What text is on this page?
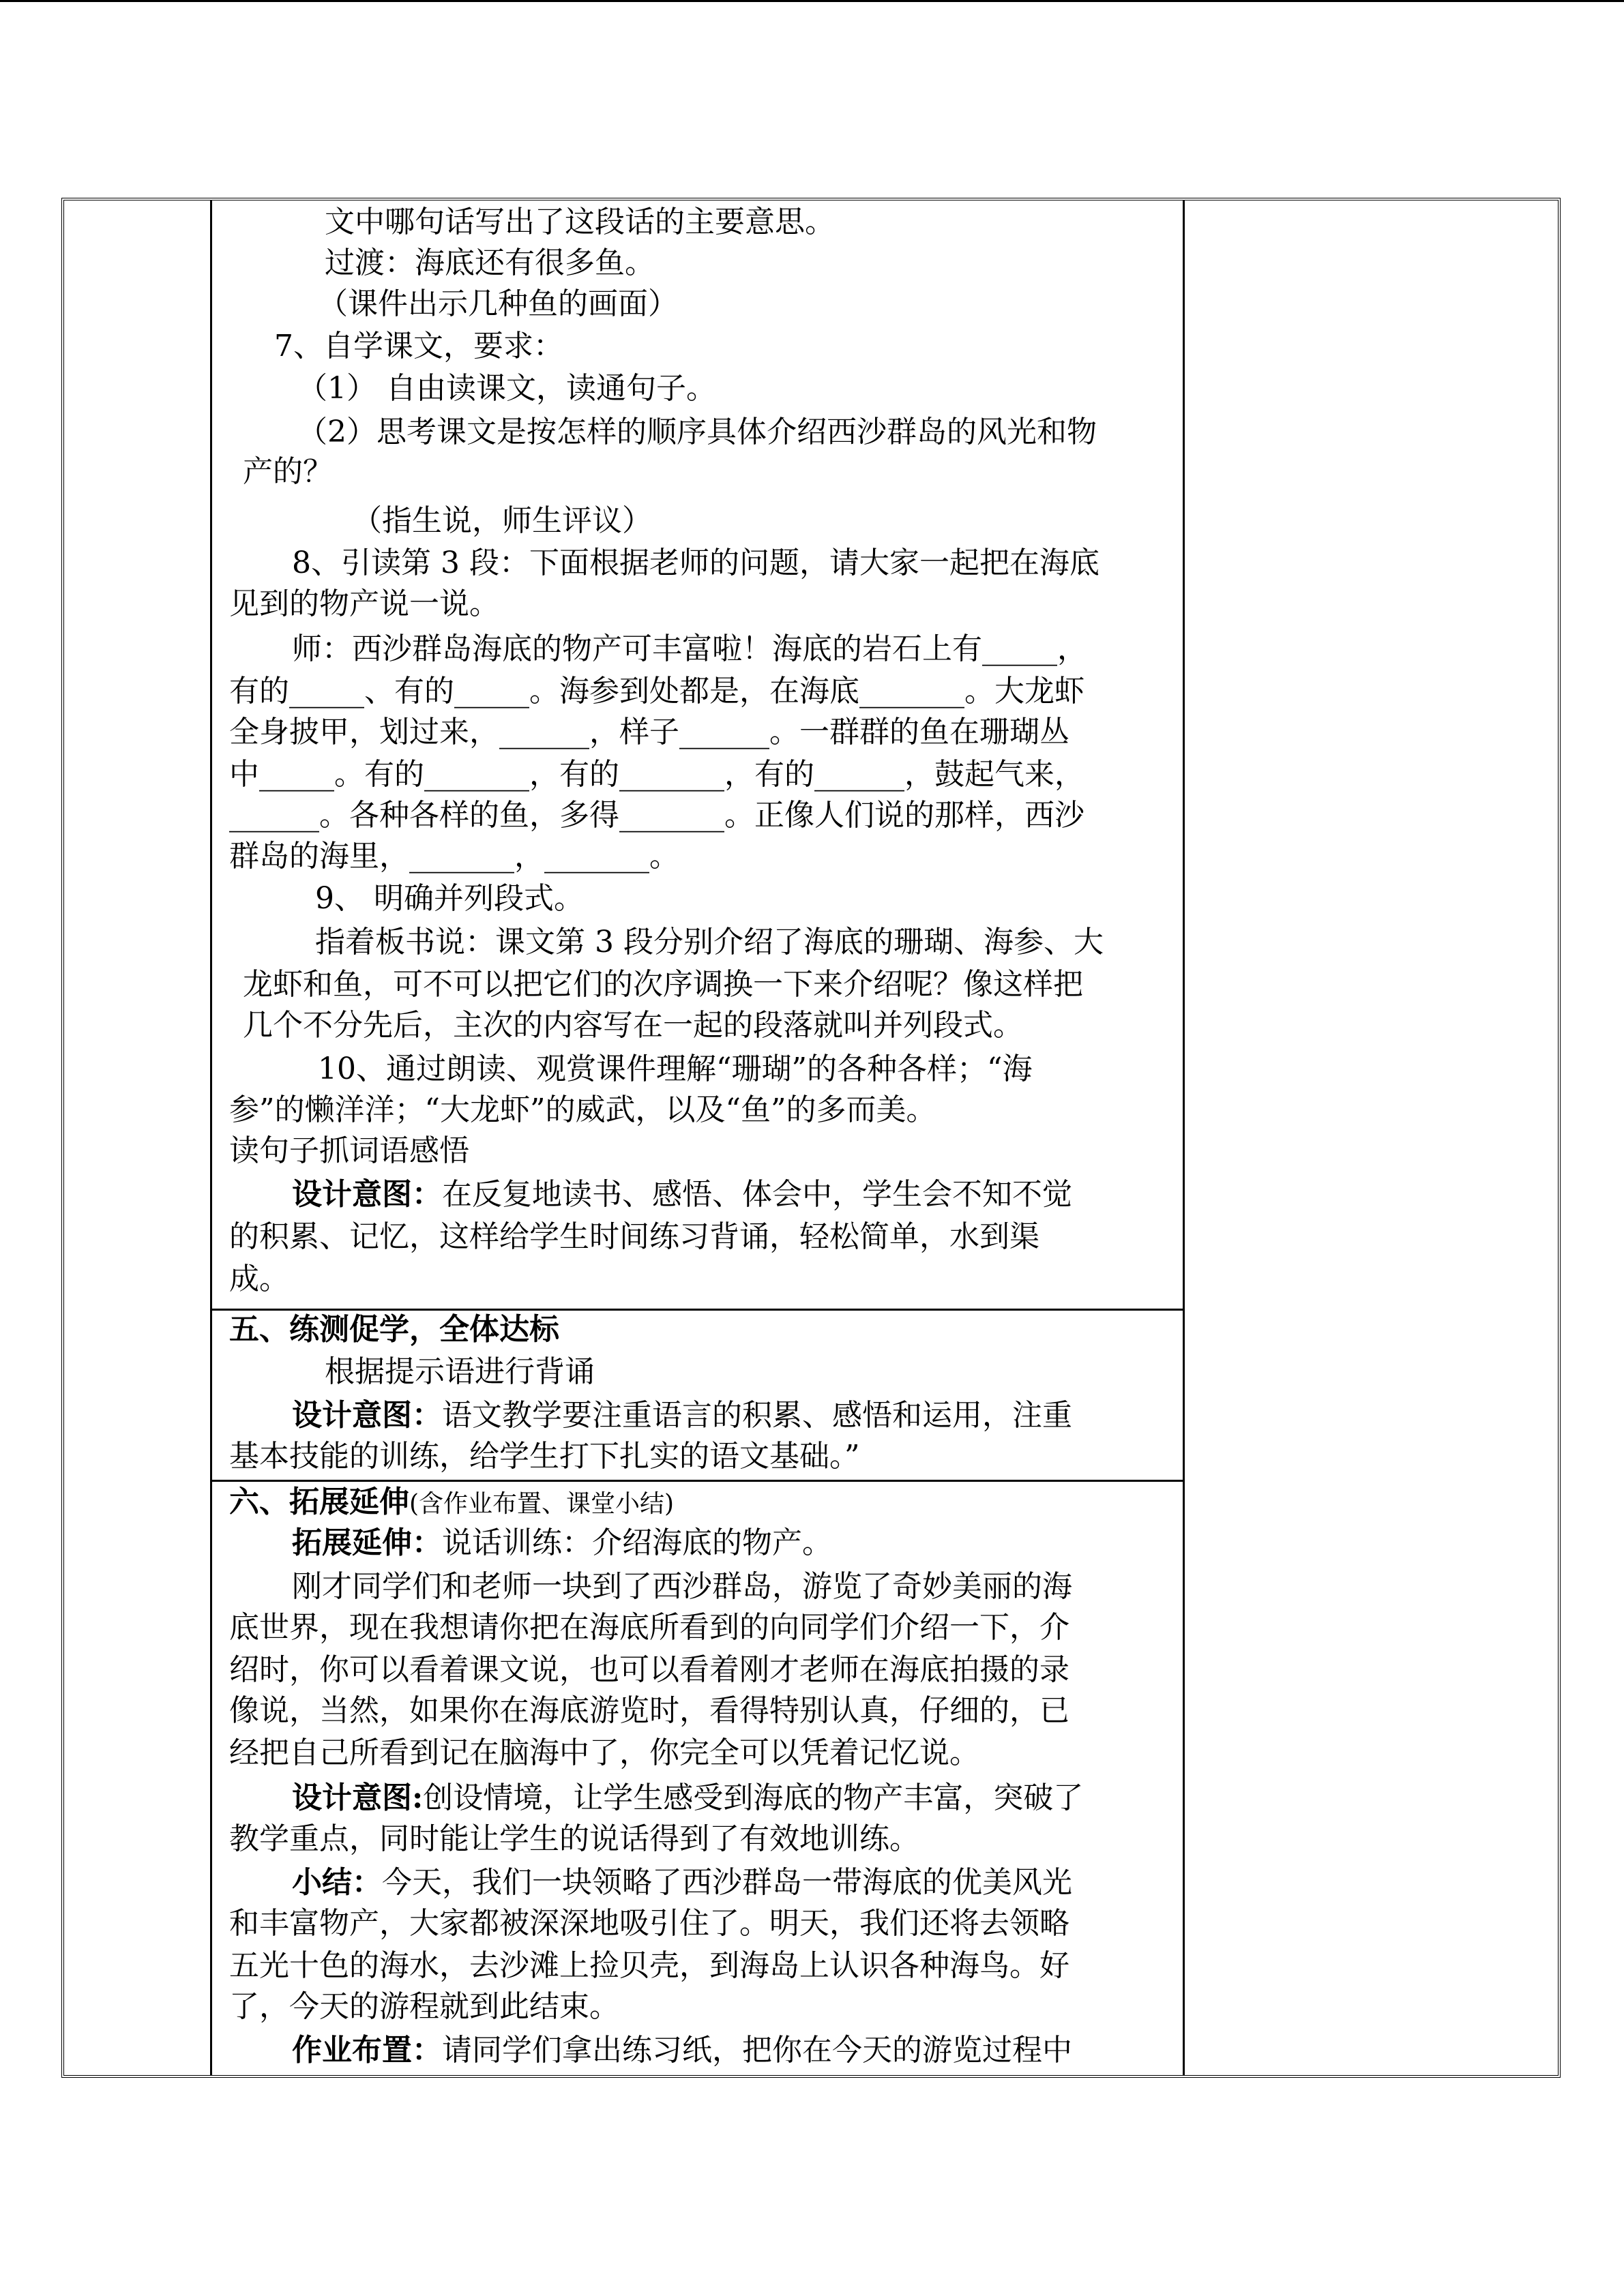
文中哪句话写出了这段话的主要意思。
过渡：海底还有很多鱼。
（课件出示几种鱼的画面）
7、自学课文，要求：
（1） 自由读课文，读通句子。
（2）思考课文是按怎样的顺序具体介绍西沙群岛的风光和物
产的？
（指生说，师生评议）
8、引读第 3 段：下面根据老师的问题，请大家一起把在海底
见到的物产说一说。
师：西沙群岛海底的物产可丰富啦！海底的岩石上有_____，
有的_____、有的_____。海参到处都是，在海底_______。大龙虾
全身披甲，划过来，______，样子______。一群群的鱼在珊瑚丛
中_____。有的_______，有的_______，有的______，鼓起气来，
______。各种各样的鱼，多得_______。正像人们说的那样，西沙
群岛的海里，_______，_______。
9、 明确并列段式。
指着板书说：课文第 3 段分别介绍了海底的珊瑚、海参、大
龙虾和鱼，可不可以把它们的次序调换一下来介绍呢？像这样把
几个不分先后，主次的内容写在一起的段落就叫并列段式。
10、通过朗读、观赏课件理解“珊瑚”的各种各样；“海
参”的懒洋洋；“大龙虾”的威武，以及“鱼”的多而美。
读句子抓词语感悟
设计意图：在反复地读书、感悟、体会中，学生会不知不觉
的积累、记忆，这样给学生时间练习背诵，轻松简单，水到渠
成。
五、练测促学，全体达标
根据提示语进行背诵
设计意图：语文教学要注重语言的积累、感悟和运用，注重
基本技能的训练，给学生打下扎实的语文基础。”
六、拓展延伸(含作业布置、课堂小结)
拓展延伸：说话训练：介绍海底的物产。
刚才同学们和老师一块到了西沙群岛，游览了奇妙美丽的海
底世界，现在我想请你把在海底所看到的向同学们介绍一下，介
绍时，你可以看着课文说，也可以看着刚才老师在海底拍摄的录
像说，当然，如果你在海底游览时，看得特别认真，仔细的，已
经把自己所看到记在脑海中了，你完全可以凭着记忆说。
设计意图:创设情境，让学生感受到海底的物产丰富，突破了
教学重点，同时能让学生的说话得到了有效地训练。
小结：今天，我们一块领略了西沙群岛一带海底的优美风光
和丰富物产，大家都被深深地吸引住了。明天，我们还将去领略
五光十色的海水，去沙滩上捡贝壳，到海岛上认识各种海鸟。好
了，今天的游程就到此结束。
作业布置：请同学们拿出练习纸，把你在今天的游览过程中
